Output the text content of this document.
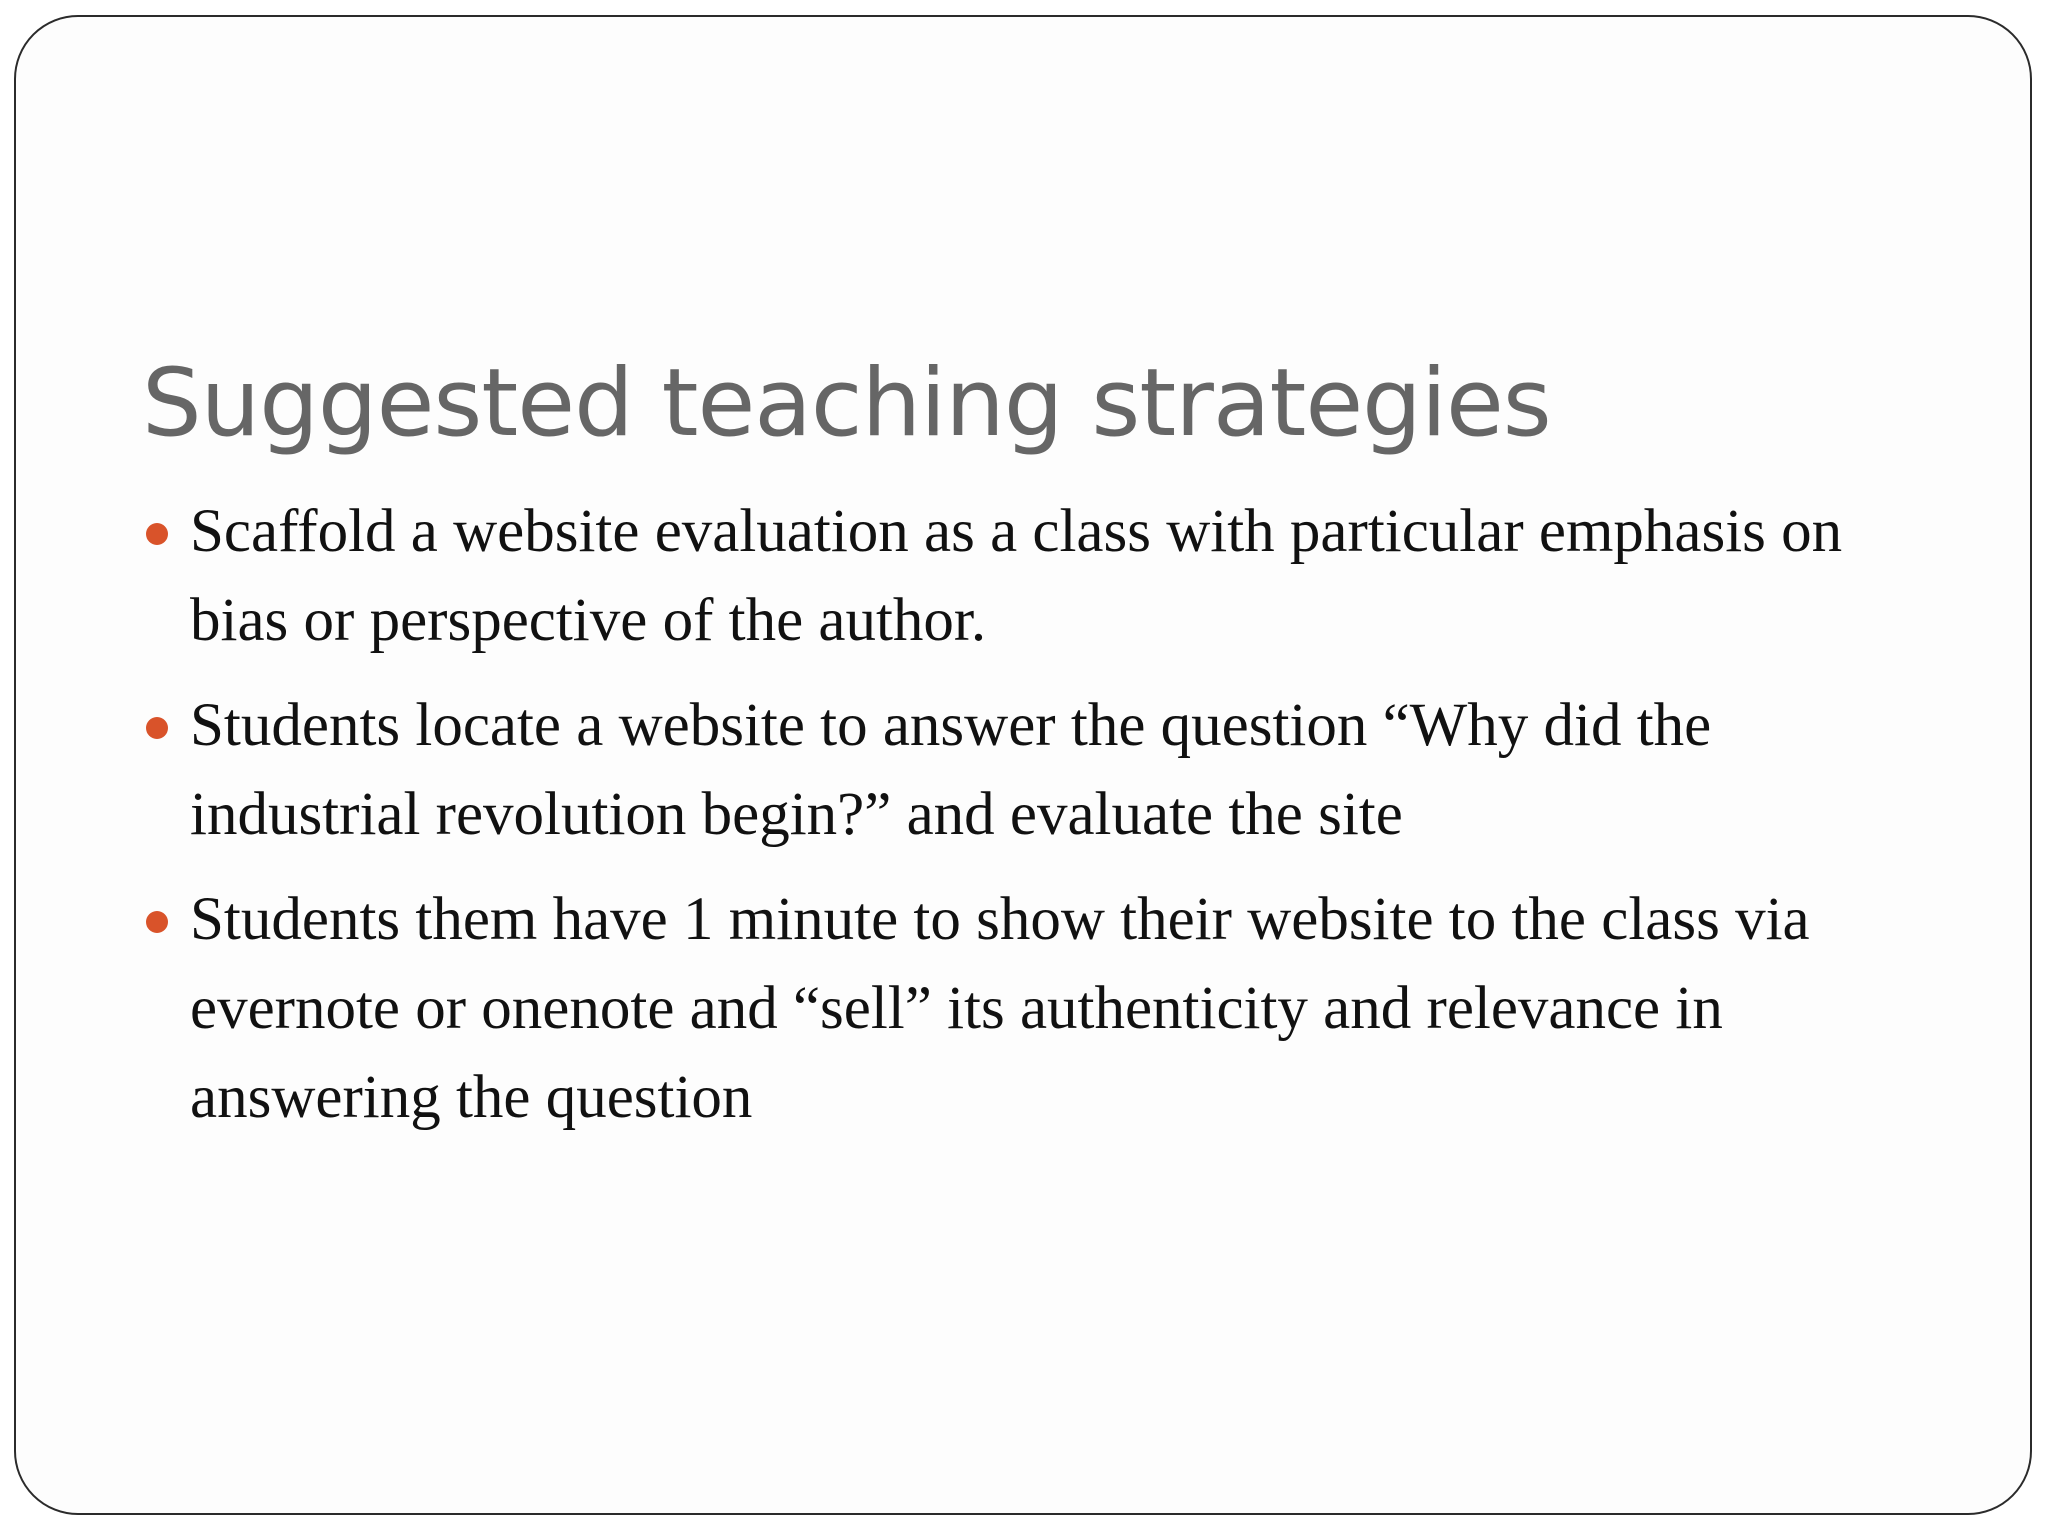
Suggested teaching strategies
Scaffold a website evaluation as a class with particular emphasis on bias or perspective of the author.
Students locate a website to answer the question “Why did the industrial revolution begin?” and evaluate the site
Students them have 1 minute to show their website to the class via evernote or onenote and “sell” its authenticity and relevance in answering the question
